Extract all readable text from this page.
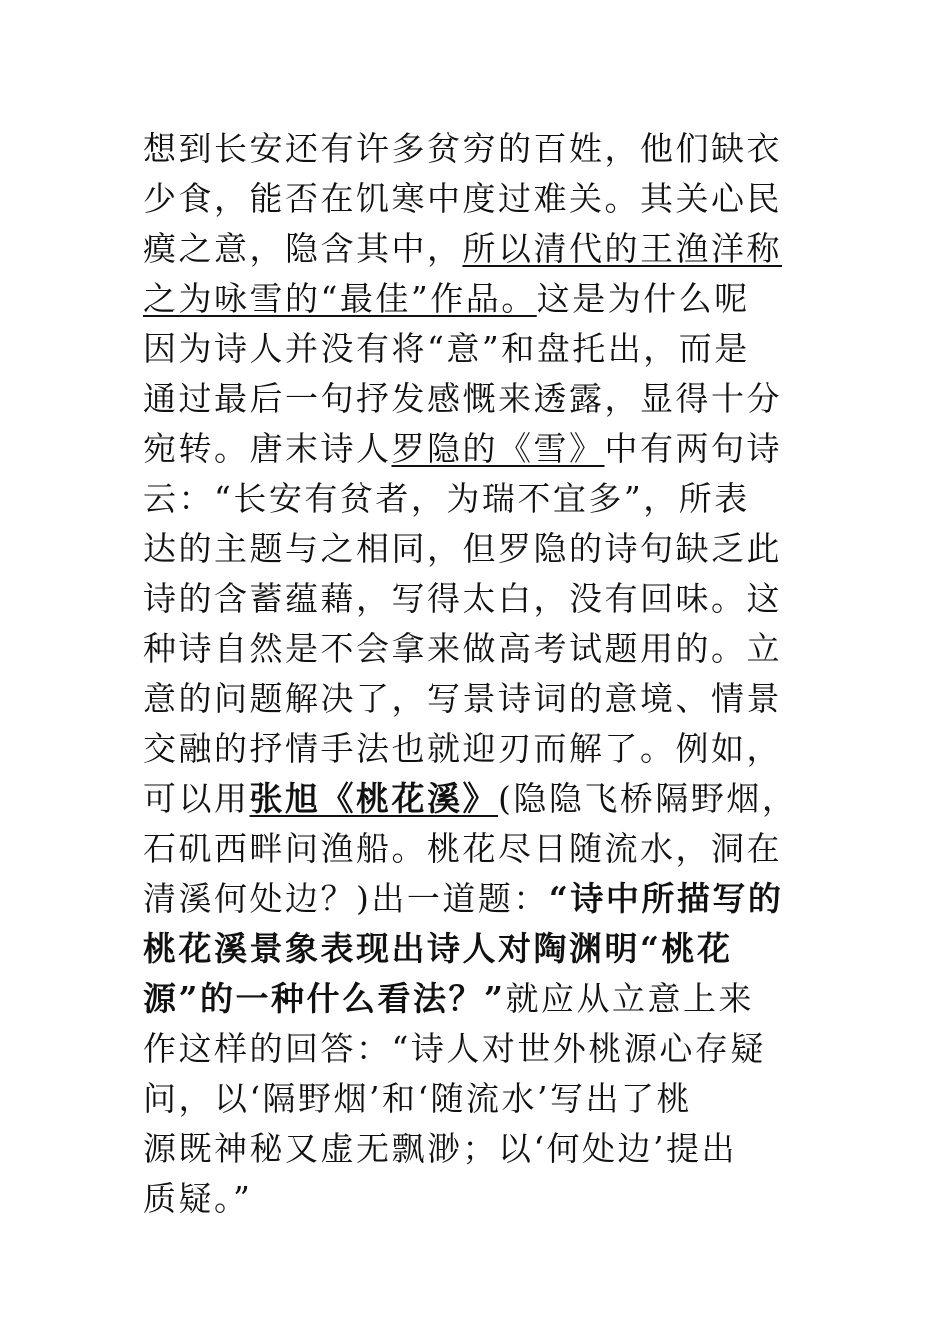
想到长安还有许多贫穷的百姓，他们缺衣
少食，能否在饥寒中度过难关。其关心民
瘼之意，隐含其中，所以清代的王渔洋称
之为咏雪的“最佳”作品。这是为什么呢
因为诗人并没有将“意”和盘托出，而是
通过最后一句抒发感慨来透露，显得十分
宛转。唐末诗人罗隐的《雪》中有两句诗
云：“长安有贫者，为瑞不宜多”，所表
达的主题与之相同，但罗隐的诗句缺乏此
诗的含蓄蕴藉，写得太白，没有回味。这
种诗自然是不会拿来做高考试题用的。立
意的问题解决了，写景诗词的意境、情景
交融的抒情手法也就迎刃而解了。例如，
可以用张旭《桃花溪》(隐隐飞桥隔野烟，
石矶西畔问渔船。桃花尽日随流水，洞在
清溪何处边？)出一道题：“诗中所描写的
桃花溪景象表现出诗人对陶渊明“桃花
源”的一种什么看法？”就应从立意上来
作这样的回答：“诗人对世外桃源心存疑
问，以‘隔野烟’和‘随流水’写出了桃
源既神秘又虚无飘渺；以‘何处边’提出
质疑。”
